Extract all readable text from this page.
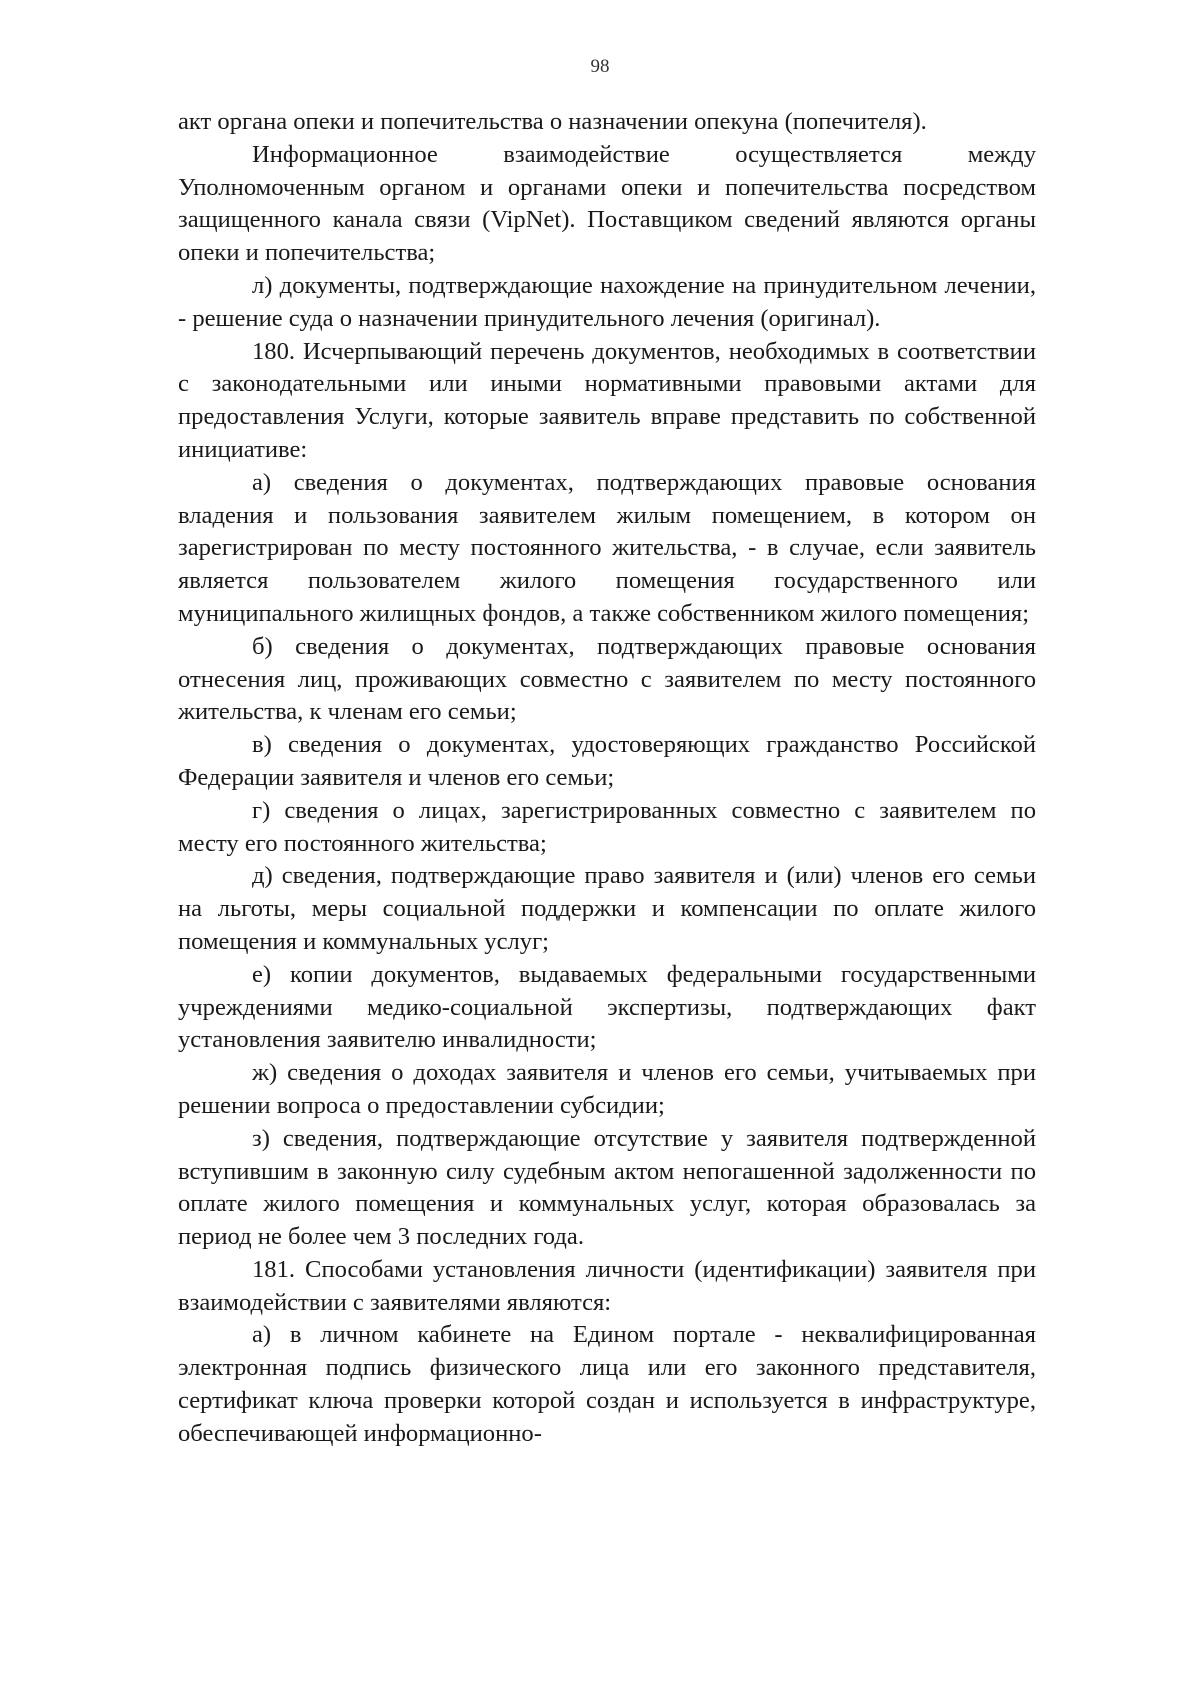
98

акт органа опеки и попечительства о назначении опекуна (попечителя).

Информационное взаимодействие осуществляется между Уполномоченным органом и органами опеки и попечительства посредством защищенного канала связи (VipNet). Поставщиком сведений являются органы опеки и попечительства;

л) документы, подтверждающие нахождение на принудительном лечении, - решение суда о назначении принудительного лечения (оригинал).

180. Исчерпывающий перечень документов, необходимых в соответствии с законодательными или иными нормативными правовыми актами для предоставления Услуги, которые заявитель вправе представить по собственной инициативе:

а) сведения о документах, подтверждающих правовые основания владения и пользования заявителем жилым помещением, в котором он зарегистрирован по месту постоянного жительства, - в случае, если заявитель является пользователем жилого помещения государственного или муниципального жилищных фондов, а также собственником жилого помещения;

б) сведения о документах, подтверждающих правовые основания отнесения лиц, проживающих совместно с заявителем по месту постоянного жительства, к членам его семьи;

в) сведения о документах, удостоверяющих гражданство Российской Федерации заявителя и членов его семьи;

г) сведения о лицах, зарегистрированных совместно с заявителем по месту его постоянного жительства;

д) сведения, подтверждающие право заявителя и (или) членов его семьи на льготы, меры социальной поддержки и компенсации по оплате жилого помещения и коммунальных услуг;

е) копии документов, выдаваемых федеральными государственными учреждениями медико-социальной экспертизы, подтверждающих факт установления заявителю инвалидности;

ж) сведения о доходах заявителя и членов его семьи, учитываемых при решении вопроса о предоставлении субсидии;

з) сведения, подтверждающие отсутствие у заявителя подтвержденной вступившим в законную силу судебным актом непогашенной задолженности по оплате жилого помещения и коммунальных услуг, которая образовалась за период не более чем 3 последних года.

181. Способами установления личности (идентификации) заявителя при взаимодействии с заявителями являются:

а) в личном кабинете на Едином портале - неквалифицированная электронная подпись физического лица или его законного представителя, сертификат ключа проверки которой создан и используется в инфраструктуре, обеспечивающей информационно-
